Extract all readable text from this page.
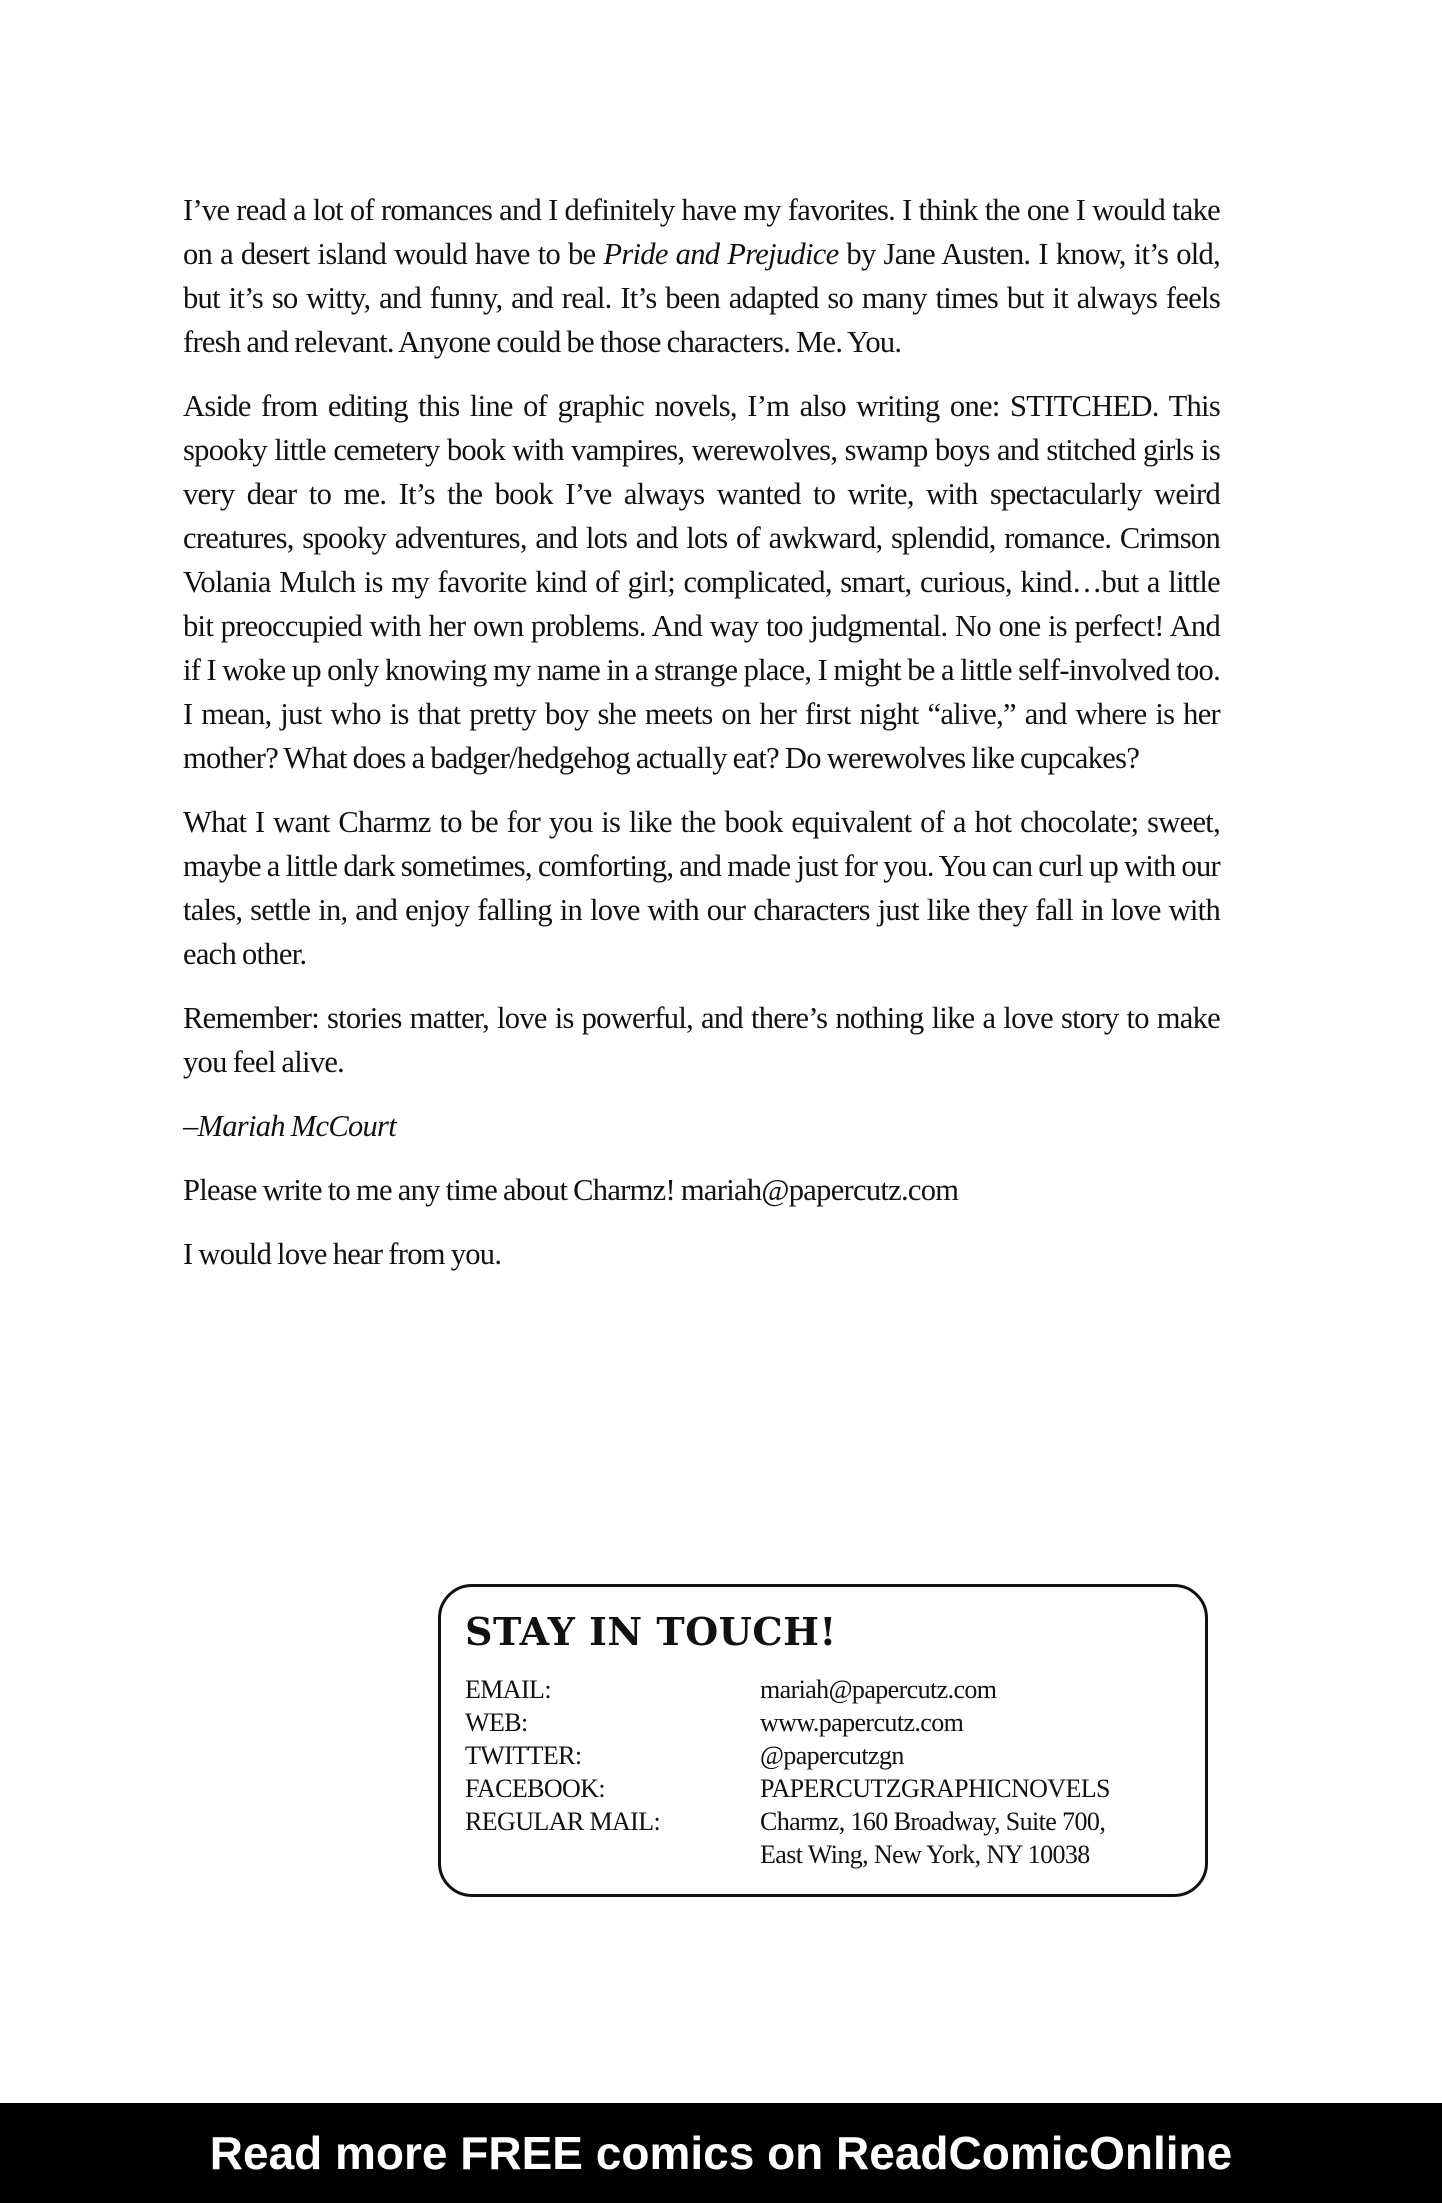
I’ve read a lot of romances and I definitely have my favorites. I think the one I would take on a desert island would have to be Pride and Prejudice by Jane Austen. I know, it’s old, but it’s so witty, and funny, and real. It’s been adapted so many times but it always feels fresh and relevant. Anyone could be those characters. Me. You.

Aside from editing this line of graphic novels, I’m also writing one: STITCHED. This spooky little cemetery book with vampires, werewolves, swamp boys and stitched girls is very dear to me. It’s the book I’ve always wanted to write, with spectacularly weird creatures, spooky adventures, and lots and lots of awkward, splendid, romance. Crimson Volania Mulch is my favorite kind of girl; complicated, smart, curious, kind…but a little bit preoccupied with her own problems. And way too judgmental. No one is perfect! And if I woke up only knowing my name in a strange place, I might be a little self-involved too. I mean, just who is that pretty boy she meets on her first night “alive,” and where is her mother? What does a badger/hedgehog actually eat? Do werewolves like cupcakes?

What I want Charmz to be for you is like the book equivalent of a hot chocolate; sweet, maybe a little dark sometimes, comforting, and made just for you. You can curl up with our tales, settle in, and enjoy falling in love with our characters just like they fall in love with each other.

Remember: stories matter, love is powerful, and there’s nothing like a love story to make you feel alive.

–Mariah McCourt

Please write to me any time about Charmz! mariah@papercutz.com

I would love hear from you.

STAY IN TOUCH!
EMAIL:	mariah@papercutz.com
WEB:	www.papercutz.com
TWITTER:	@papercutzgn
FACEBOOK:	PAPERCUTZGRAPHICNOVELS
REGULAR MAIL:	Charmz, 160 Broadway, Suite 700,
East Wing, New York, NY 10038
Read more FREE comics on ReadComicOnline
